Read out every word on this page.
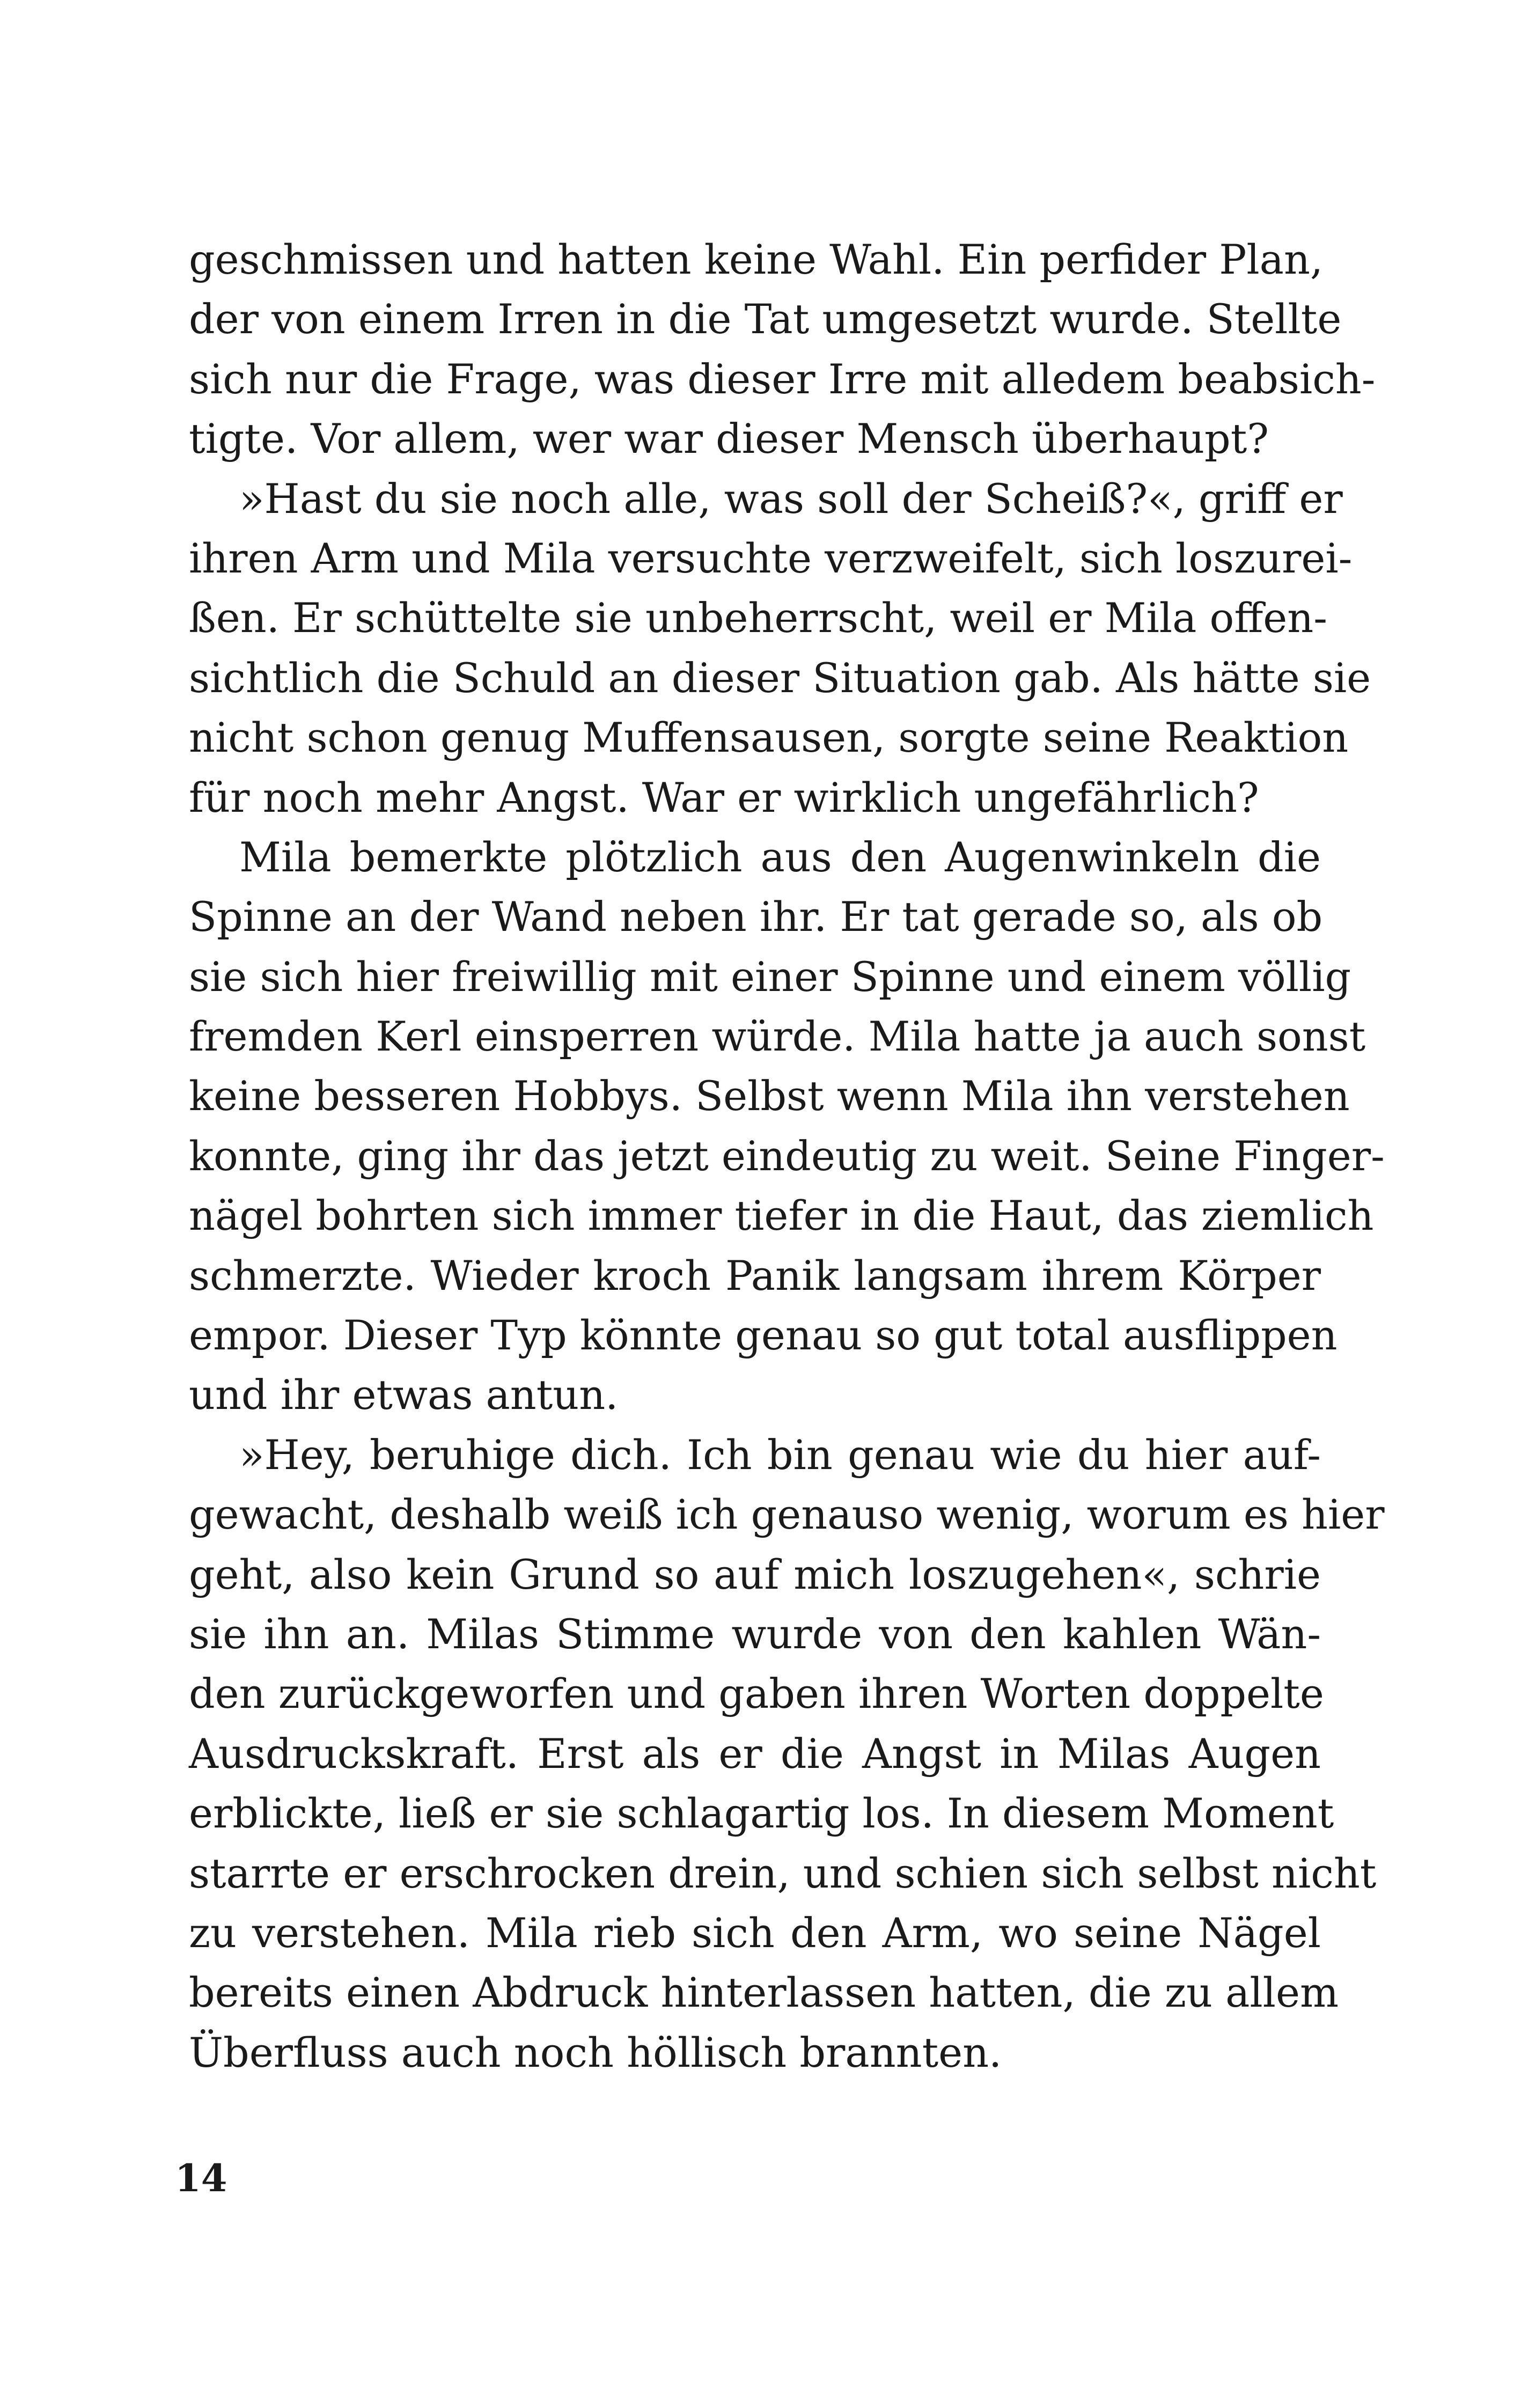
geschmissen und hatten keine Wahl. Ein perfider Plan,
der von einem Irren in die Tat umgesetzt wurde. Stellte
sich nur die Frage, was dieser Irre mit alledem beabsich-
tigte. Vor allem, wer war dieser Mensch überhaupt?
»Hast du sie noch alle, was soll der Scheiß?«, griff er
ihren Arm und Mila versuchte verzweifelt, sich loszurei-
ßen. Er schüttelte sie unbeherrscht, weil er Mila offen-
sichtlich die Schuld an dieser Situation gab. Als hätte sie
nicht schon genug Muffensausen, sorgte seine Reaktion
für noch mehr Angst. War er wirklich ungefährlich?
Mila bemerkte plötzlich aus den Augenwinkeln die
Spinne an der Wand neben ihr. Er tat gerade so, als ob
sie sich hier freiwillig mit einer Spinne und einem völlig
fremden Kerl einsperren würde. Mila hatte ja auch sonst
keine besseren Hobbys. Selbst wenn Mila ihn verstehen
konnte, ging ihr das jetzt eindeutig zu weit. Seine Finger-
nägel bohrten sich immer tiefer in die Haut, das ziemlich
schmerzte. Wieder kroch Panik langsam ihrem Körper
empor. Dieser Typ könnte genau so gut total ausflippen
und ihr etwas antun.
»Hey, beruhige dich. Ich bin genau wie du hier auf-
gewacht, deshalb weiß ich genauso wenig, worum es hier
geht, also kein Grund so auf mich loszugehen«, schrie
sie ihn an. Milas Stimme wurde von den kahlen Wän-
den zurückgeworfen und gaben ihren Worten doppelte
Ausdruckskraft. Erst als er die Angst in Milas Augen
erblickte, ließ er sie schlagartig los. In diesem Moment
starrte er erschrocken drein, und schien sich selbst nicht
zu verstehen. Mila rieb sich den Arm, wo seine Nägel
bereits einen Abdruck hinterlassen hatten, die zu allem
Überfluss auch noch höllisch brannten.
14
